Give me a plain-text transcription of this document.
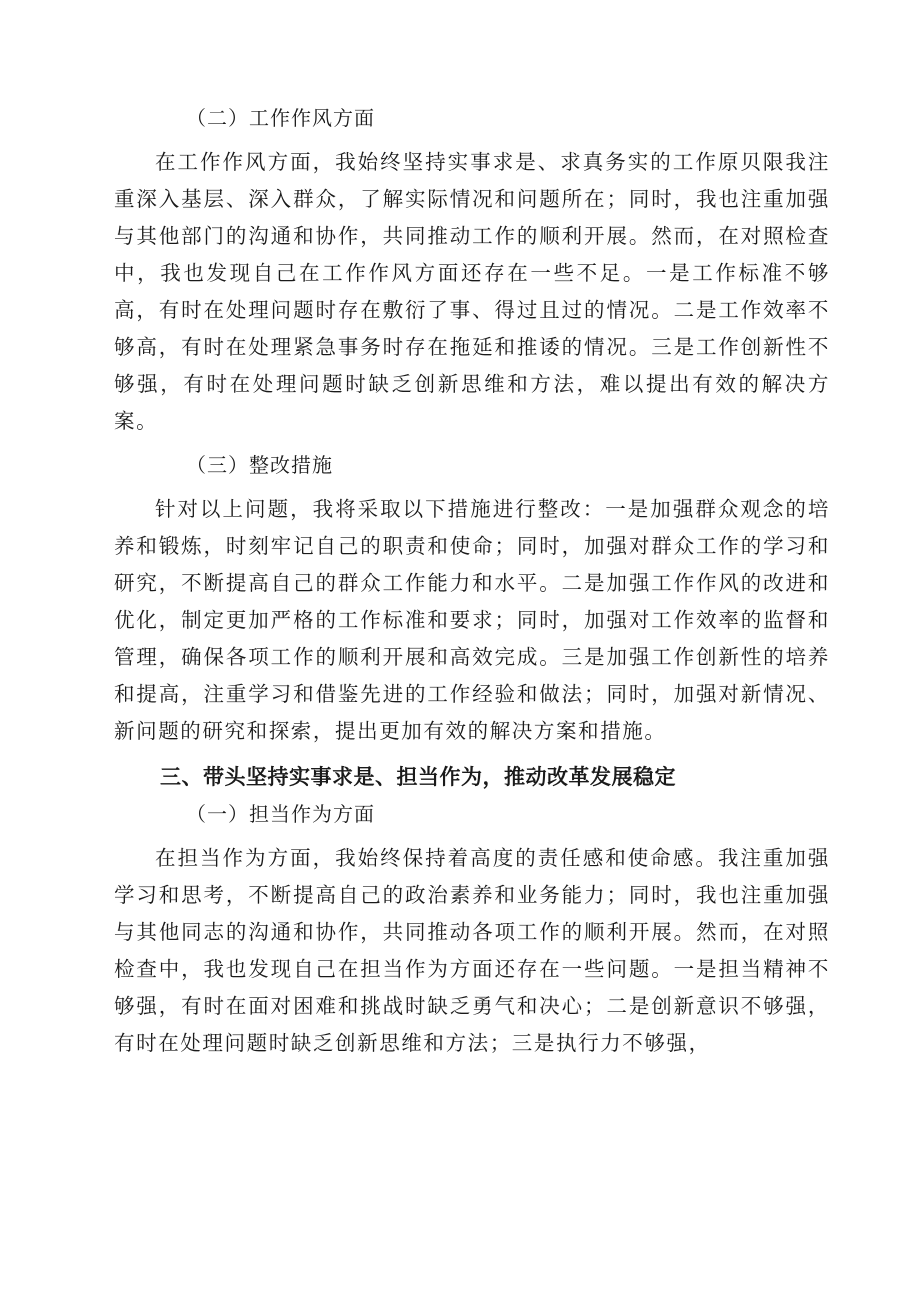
（二）工作作风方面

在工作作风方面，我始终坚持实事求是、求真务实的工作原贝限我注重深入基层、深入群众，了解实际情况和问题所在；同时，我也注重加强与其他部门的沟通和协作，共同推动工作的顺利开展。然而，在对照检查中，我也发现自己在工作作风方面还存在一些不足。一是工作标准不够高，有时在处理问题时存在敷衍了事、得过且过的情况。二是工作效率不够高，有时在处理紧急事务时存在拖延和推诿的情况。三是工作创新性不够强，有时在处理问题时缺乏创新思维和方法，难以提出有效的解决方案。

（三）整改措施

针对以上问题，我将采取以下措施进行整改：一是加强群众观念的培养和锻炼，时刻牢记自己的职责和使命；同时，加强对群众工作的学习和研究，不断提高自己的群众工作能力和水平。二是加强工作作风的改进和优化，制定更加严格的工作标准和要求；同时，加强对工作效率的监督和管理，确保各项工作的顺利开展和高效完成。三是加强工作创新性的培养和提高，注重学习和借鉴先进的工作经验和做法；同时，加强对新情况、新问题的研究和探索，提出更加有效的解决方案和措施。

三、带头坚持实事求是、担当作为，推动改革发展稳定

（一）担当作为方面

在担当作为方面，我始终保持着高度的责任感和使命感。我注重加强学习和思考，不断提高自己的政治素养和业务能力；同时，我也注重加强与其他同志的沟通和协作，共同推动各项工作的顺利开展。然而，在对照检查中，我也发现自己在担当作为方面还存在一些问题。一是担当精神不够强，有时在面对困难和挑战时缺乏勇气和决心；二是创新意识不够强，有时在处理问题时缺乏创新思维和方法；三是执行力不够强，
